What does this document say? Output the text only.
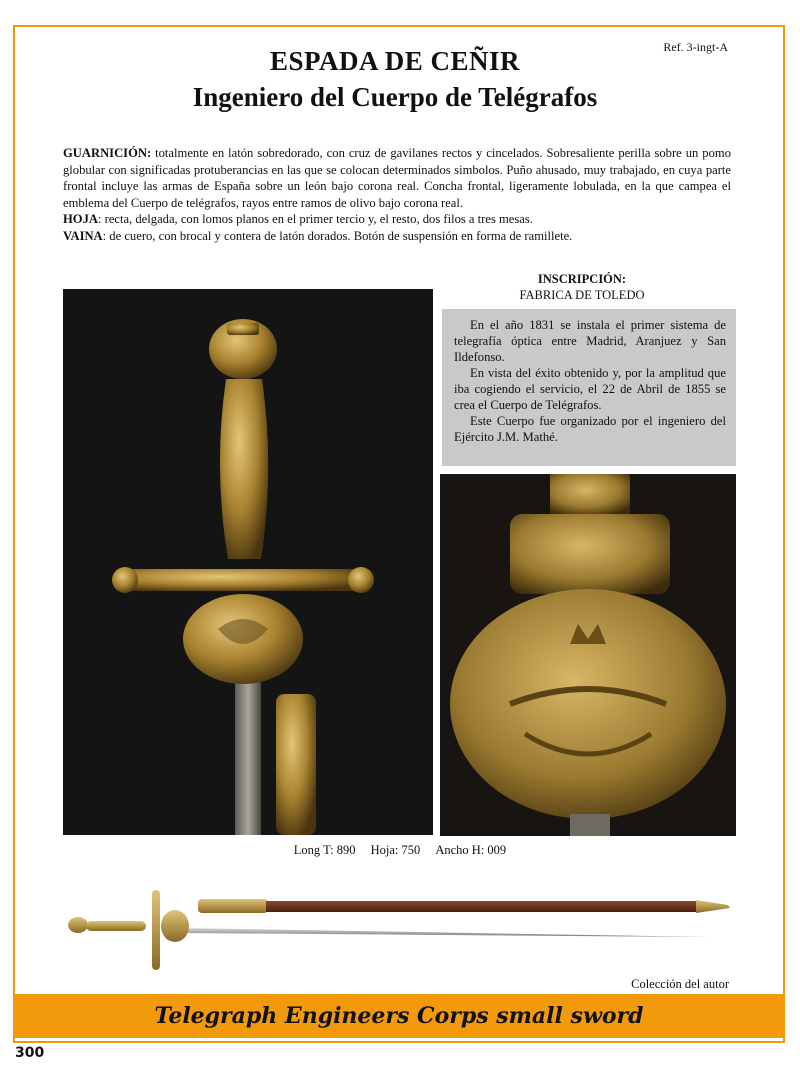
Ref. 3-ingt-A
ESPADA DE CEÑIR
Ingeniero del Cuerpo de Telégrafos

GUARNICIÓN: totalmente en latón sobredorado, con cruz de gavilanes rectos y cincelados. Sobresaliente perilla sobre un pomo globular con significadas protuberancias en las que se colocan determinados simbolos. Puño ahusado, muy trabajado, en cuya parte frontal incluye las armas de España sobre un león bajo corona real. Concha frontal, ligeramente lobulada, en la que campea el emblema del Cuerpo de telégrafos, rayos entre ramos de olivo bajo corona real.

HOJA: recta, delgada, con lomos planos en el primer tercio y, el resto, dos filos a tres mesas.

VAINA: de cuero, con brocal y contera de latón dorados. Botón de suspensión en forma de ramillete.

INSCRIPCIÓN:
FABRICA DE TOLEDO

En el año 1831 se instala el primer sistema de telegrafía óptica entre Madrid, Aranjuez y San Ildefonso.

En vista del éxito obtenido y, por la amplitud que iba cogiendo el servicio, el 22 de Abril de 1855 se crea el Cuerpo de Telégrafos.

Este Cuerpo fue organizado por el ingeniero del Ejército J.M. Mathé.

Long T: 890 Hoja: 750 Ancho H: 009
Colección del autor
Telegraph Engineers Corps small sword
300
